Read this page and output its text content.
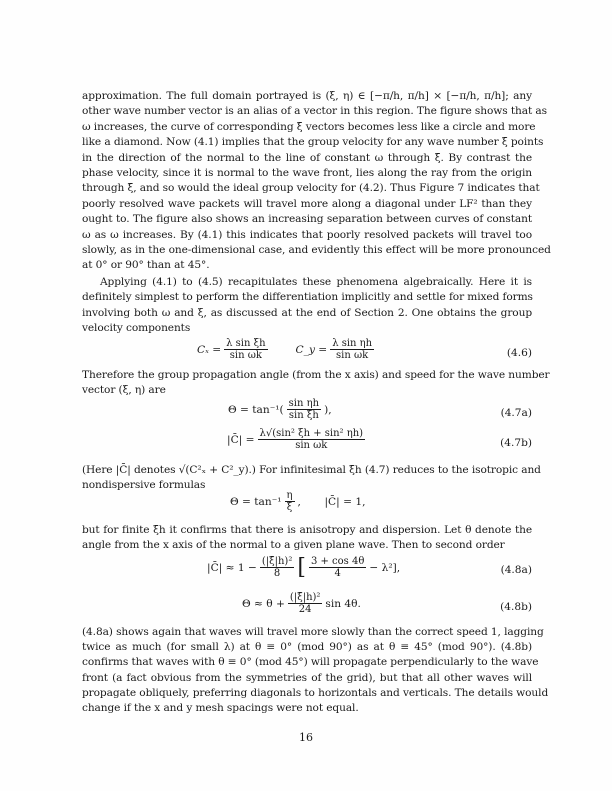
approximation. The full domain portrayed is (ξ, η) ∈ [−π/h, π/h] × [−π/h, π/h]; any
other wave number vector is an alias of a vector in this region. The figure shows that as
ω increases, the curve of corresponding ξ̄ vectors becomes less like a circle and more
like a diamond. Now (4.1) implies that the group velocity for any wave number ξ̄ points
in the direction of the normal to the line of constant ω through ξ̄. By contrast the
phase velocity, since it is normal to the wave front, lies along the ray from the origin
through ξ̄, and so would the ideal group velocity for (4.2). Thus Figure 7 indicates that
poorly resolved wave packets will travel more along a diagonal under LF² than they
ought to. The figure also shows an increasing separation between curves of constant
ω as ω increases. By (4.1) this indicates that poorly resolved packets will travel too
slowly, as in the one-dimensional case, and evidently this effect will be more pronounced
at 0° or 90° than at 45°.
Applying (4.1) to (4.5) recapitulates these phenomena algebraically. Here it is
definitely simplest to perform the differentiation implicitly and settle for mixed forms
involving both ω and ξ, as discussed at the end of Section 2. One obtains the group
velocity components
Therefore the group propagation angle (from the x axis) and speed for the wave number
vector (ξ, η) are
(Here |C̄| denotes √(C²ₓ + C²_y).) For infinitesimal ξ̄h (4.7) reduces to the isotropic and
nondispersive formulas
but for finite ξ̄h it confirms that there is anisotropy and dispersion. Let θ denote the
angle from the x axis of the normal to a given plane wave. Then to second order
(4.8a) shows again that waves will travel more slowly than the correct speed 1, lagging
twice as much (for small λ) at θ ≡ 0° (mod 90°) as at θ ≡ 45° (mod 90°). (4.8b)
confirms that waves with θ ≡ 0° (mod 45°) will propagate perpendicularly to the wave
front (a fact obvious from the symmetries of the grid), but that all other waves will
propagate obliquely, preferring diagonals to horizontals and verticals. The details would
change if the x and y mesh spacings were not equal.
$C_x = \frac{\text{λ sin ξh}}{\text{sin ωk}}$	C_y = $\frac{\text{λ sin ηh}}{\text{sin ωk}}$	(4.6)
$\Theta = \tan^{-1}( \frac{\text{sin ηh}}{\text{sin ξh}}$ ),	(4.7a)
|C̄| = $\frac{\text{λ√(sin² ξh + sin² ηh)}}{\text{sin ωk}}$	(4.7b)
$\Theta = \tan^{-1} \frac{\eta}{\xi}$ ,       |C̄| = 1,
|C̄| ≈ $1 - \frac{\text{(|ξ̄|h)²}}{8}$ [ $\frac{3 + \cos 4\theta}{4} - \lambda^2$],	(4.8a)
$\Theta \approx \theta + \frac{\text{(|ξ̄|h)²}}{24}$ sin 4θ.	(4.8b)
16
